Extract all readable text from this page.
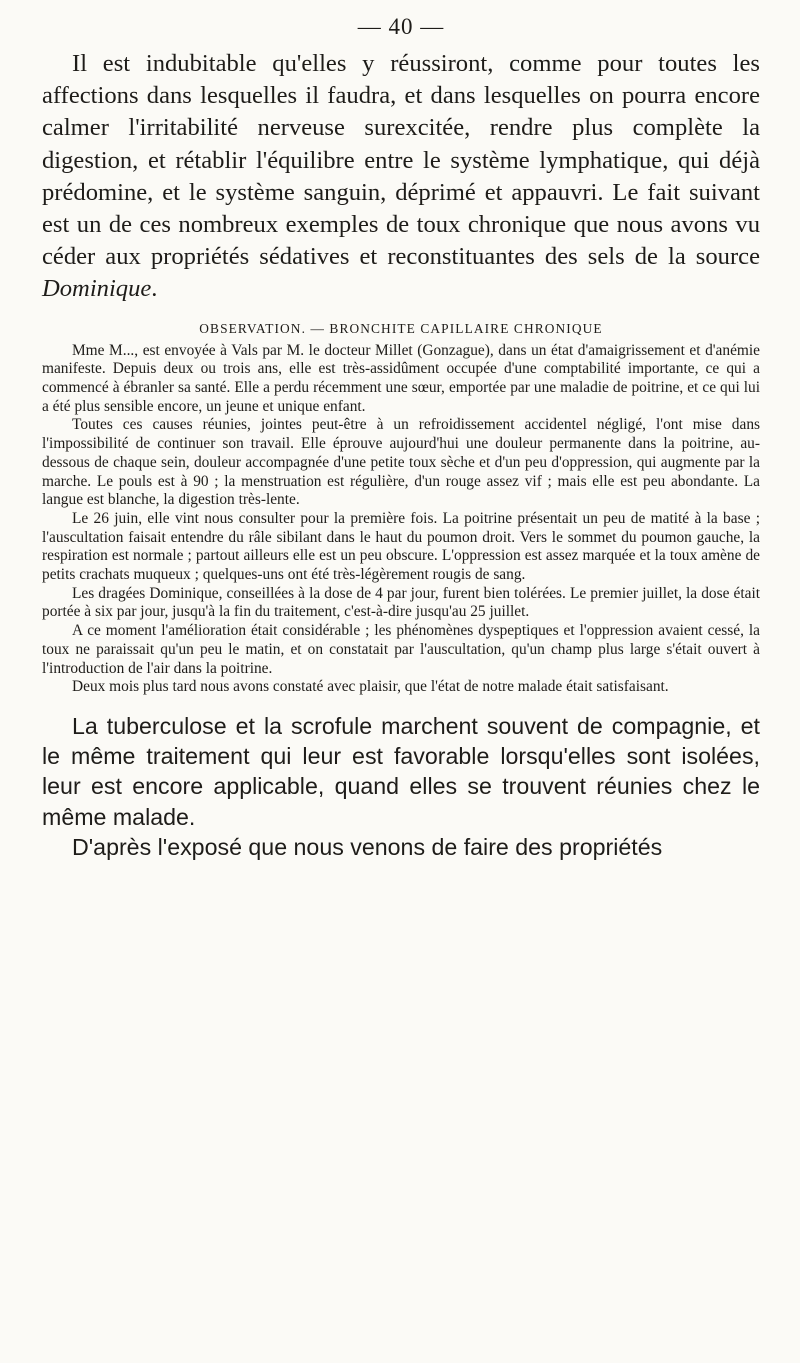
— 40 —

Il est indubitable qu'elles y réussiront, comme pour toutes les affections dans lesquelles il faudra, et dans lesquelles on pourra encore calmer l'irritabilité nerveuse surexcitée, rendre plus complète la digestion, et rétablir l'équilibre entre le système lymphatique, qui déjà prédomine, et le système sanguin, déprimé et appauvri. Le fait suivant est un de ces nombreux exemples de toux chronique que nous avons vu céder aux propriétés sédatives et reconstituantes des sels de la source Dominique.

OBSERVATION. — BRONCHITE CAPILLAIRE CHRONIQUE

Mme M..., est envoyée à Vals par M. le docteur Millet (Gonzague), dans un état d'amaigrissement et d'anémie manifeste. Depuis deux ou trois ans, elle est très-assidûment occupée d'une comptabilité importante, ce qui a commencé à ébranler sa santé. Elle a perdu récemment une sœur, emportée par une maladie de poitrine, et ce qui lui a été plus sensible encore, un jeune et unique enfant.

Toutes ces causes réunies, jointes peut-être à un refroidissement accidentel négligé, l'ont mise dans l'impossibilité de continuer son travail. Elle éprouve aujourd'hui une douleur permanente dans la poitrine, au-dessous de chaque sein, douleur accompagnée d'une petite toux sèche et d'un peu d'oppression, qui augmente par la marche. Le pouls est à 90 ; la menstruation est régulière, d'un rouge assez vif ; mais elle est peu abondante. La langue est blanche, la digestion très-lente.

Le 26 juin, elle vint nous consulter pour la première fois. La poitrine présentait un peu de matité à la base ; l'auscultation faisait entendre du râle sibilant dans le haut du poumon droit. Vers le sommet du poumon gauche, la respiration est normale ; partout ailleurs elle est un peu obscure. L'oppression est assez marquée et la toux amène de petits crachats muqueux ; quelques-uns ont été très-légèrement rougis de sang.

Les dragées Dominique, conseillées à la dose de 4 par jour, furent bien tolérées. Le premier juillet, la dose était portée à six par jour, jusqu'à la fin du traitement, c'est-à-dire jusqu'au 25 juillet.

A ce moment l'amélioration était considérable ; les phénomènes dyspeptiques et l'oppression avaient cessé, la toux ne paraissait qu'un peu le matin, et on constatait par l'auscultation, qu'un champ plus large s'était ouvert à l'introduction de l'air dans la poitrine.

Deux mois plus tard nous avons constaté avec plaisir, que l'état de notre malade était satisfaisant.

La tuberculose et la scrofule marchent souvent de compagnie, et le même traitement qui leur est favorable lorsqu'elles sont isolées, leur est encore applicable, quand elles se trouvent réunies chez le même malade.

D'après l'exposé que nous venons de faire des propriétés
